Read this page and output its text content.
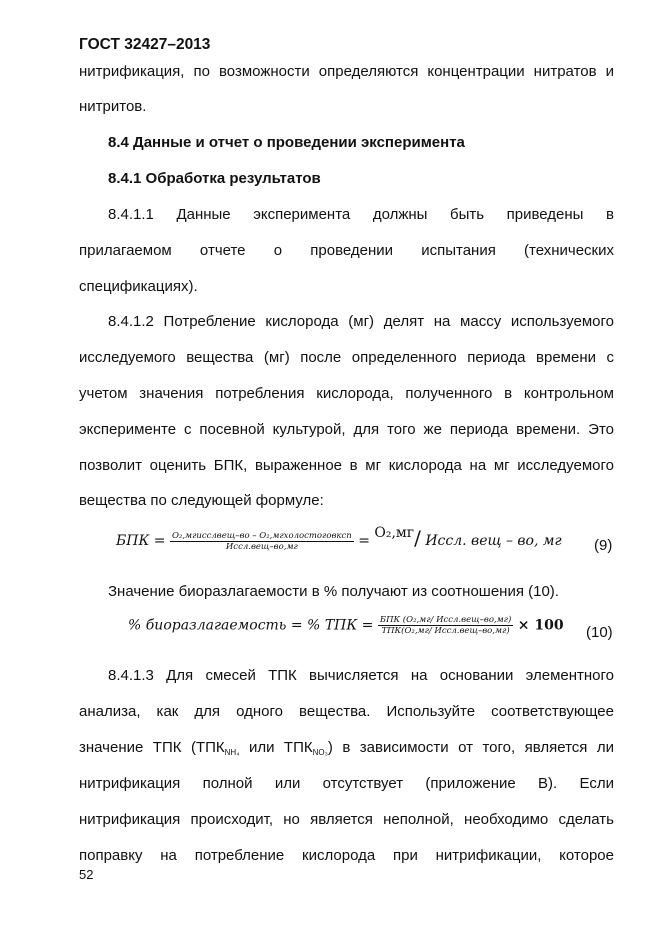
ГОСТ 32427–2013
нитрификация, по возможности определяются концентрации нитратов и
нитритов.
8.4 Данные и отчет о проведении эксперимента
8.4.1 Обработка результатов
8.4.1.1 Данные эксперимента должны быть приведены в
прилагаемом отчете о проведении испытания (технических
спецификациях).
8.4.1.2 Потребление кислорода (мг) делят на массу используемого
исследуемого вещества (мг) после определенного периода времени с
учетом значения потребления кислорода, полученного в контрольном
эксперименте с посевной культурой, для того же периода времени. Это
позволит оценить БПК, выраженное в мг кислорода на мг исследуемого
вещества по следующей формуле:
БПК = $\frac{\text{O₂,мгисслвещ–во – O₂,мгхолостоговксп}}{\text{Иссл.вещ–во,мг}} = O_2,мг/$ Иссл. вещ – во, мг (9)
Значение биоразлагаемости в % получают из соотношения (10).
% биоразлагаемость = % ТПК = $\frac{\text{БПК (O₂,мг/ Иссл.вещ–во,мг)}}{\text{ТПК(O₂,мг/ Иссл.вещ–во,мг)}} \times 100$ (10)
8.4.1.3 Для смесей ТПК вычисляется на основании элементного
анализа, как для одного вещества. Используйте соответствующее
значение ТПК ($ТПК_{NH_4}$ или $ТПК_{NO_3}$) в зависимости от того, является ли
нитрификация полной или отсутствует (приложение В). Если
нитрификация происходит, но является неполной, необходимо сделать
поправку на потребление кислорода при нитрификации, которое
52
